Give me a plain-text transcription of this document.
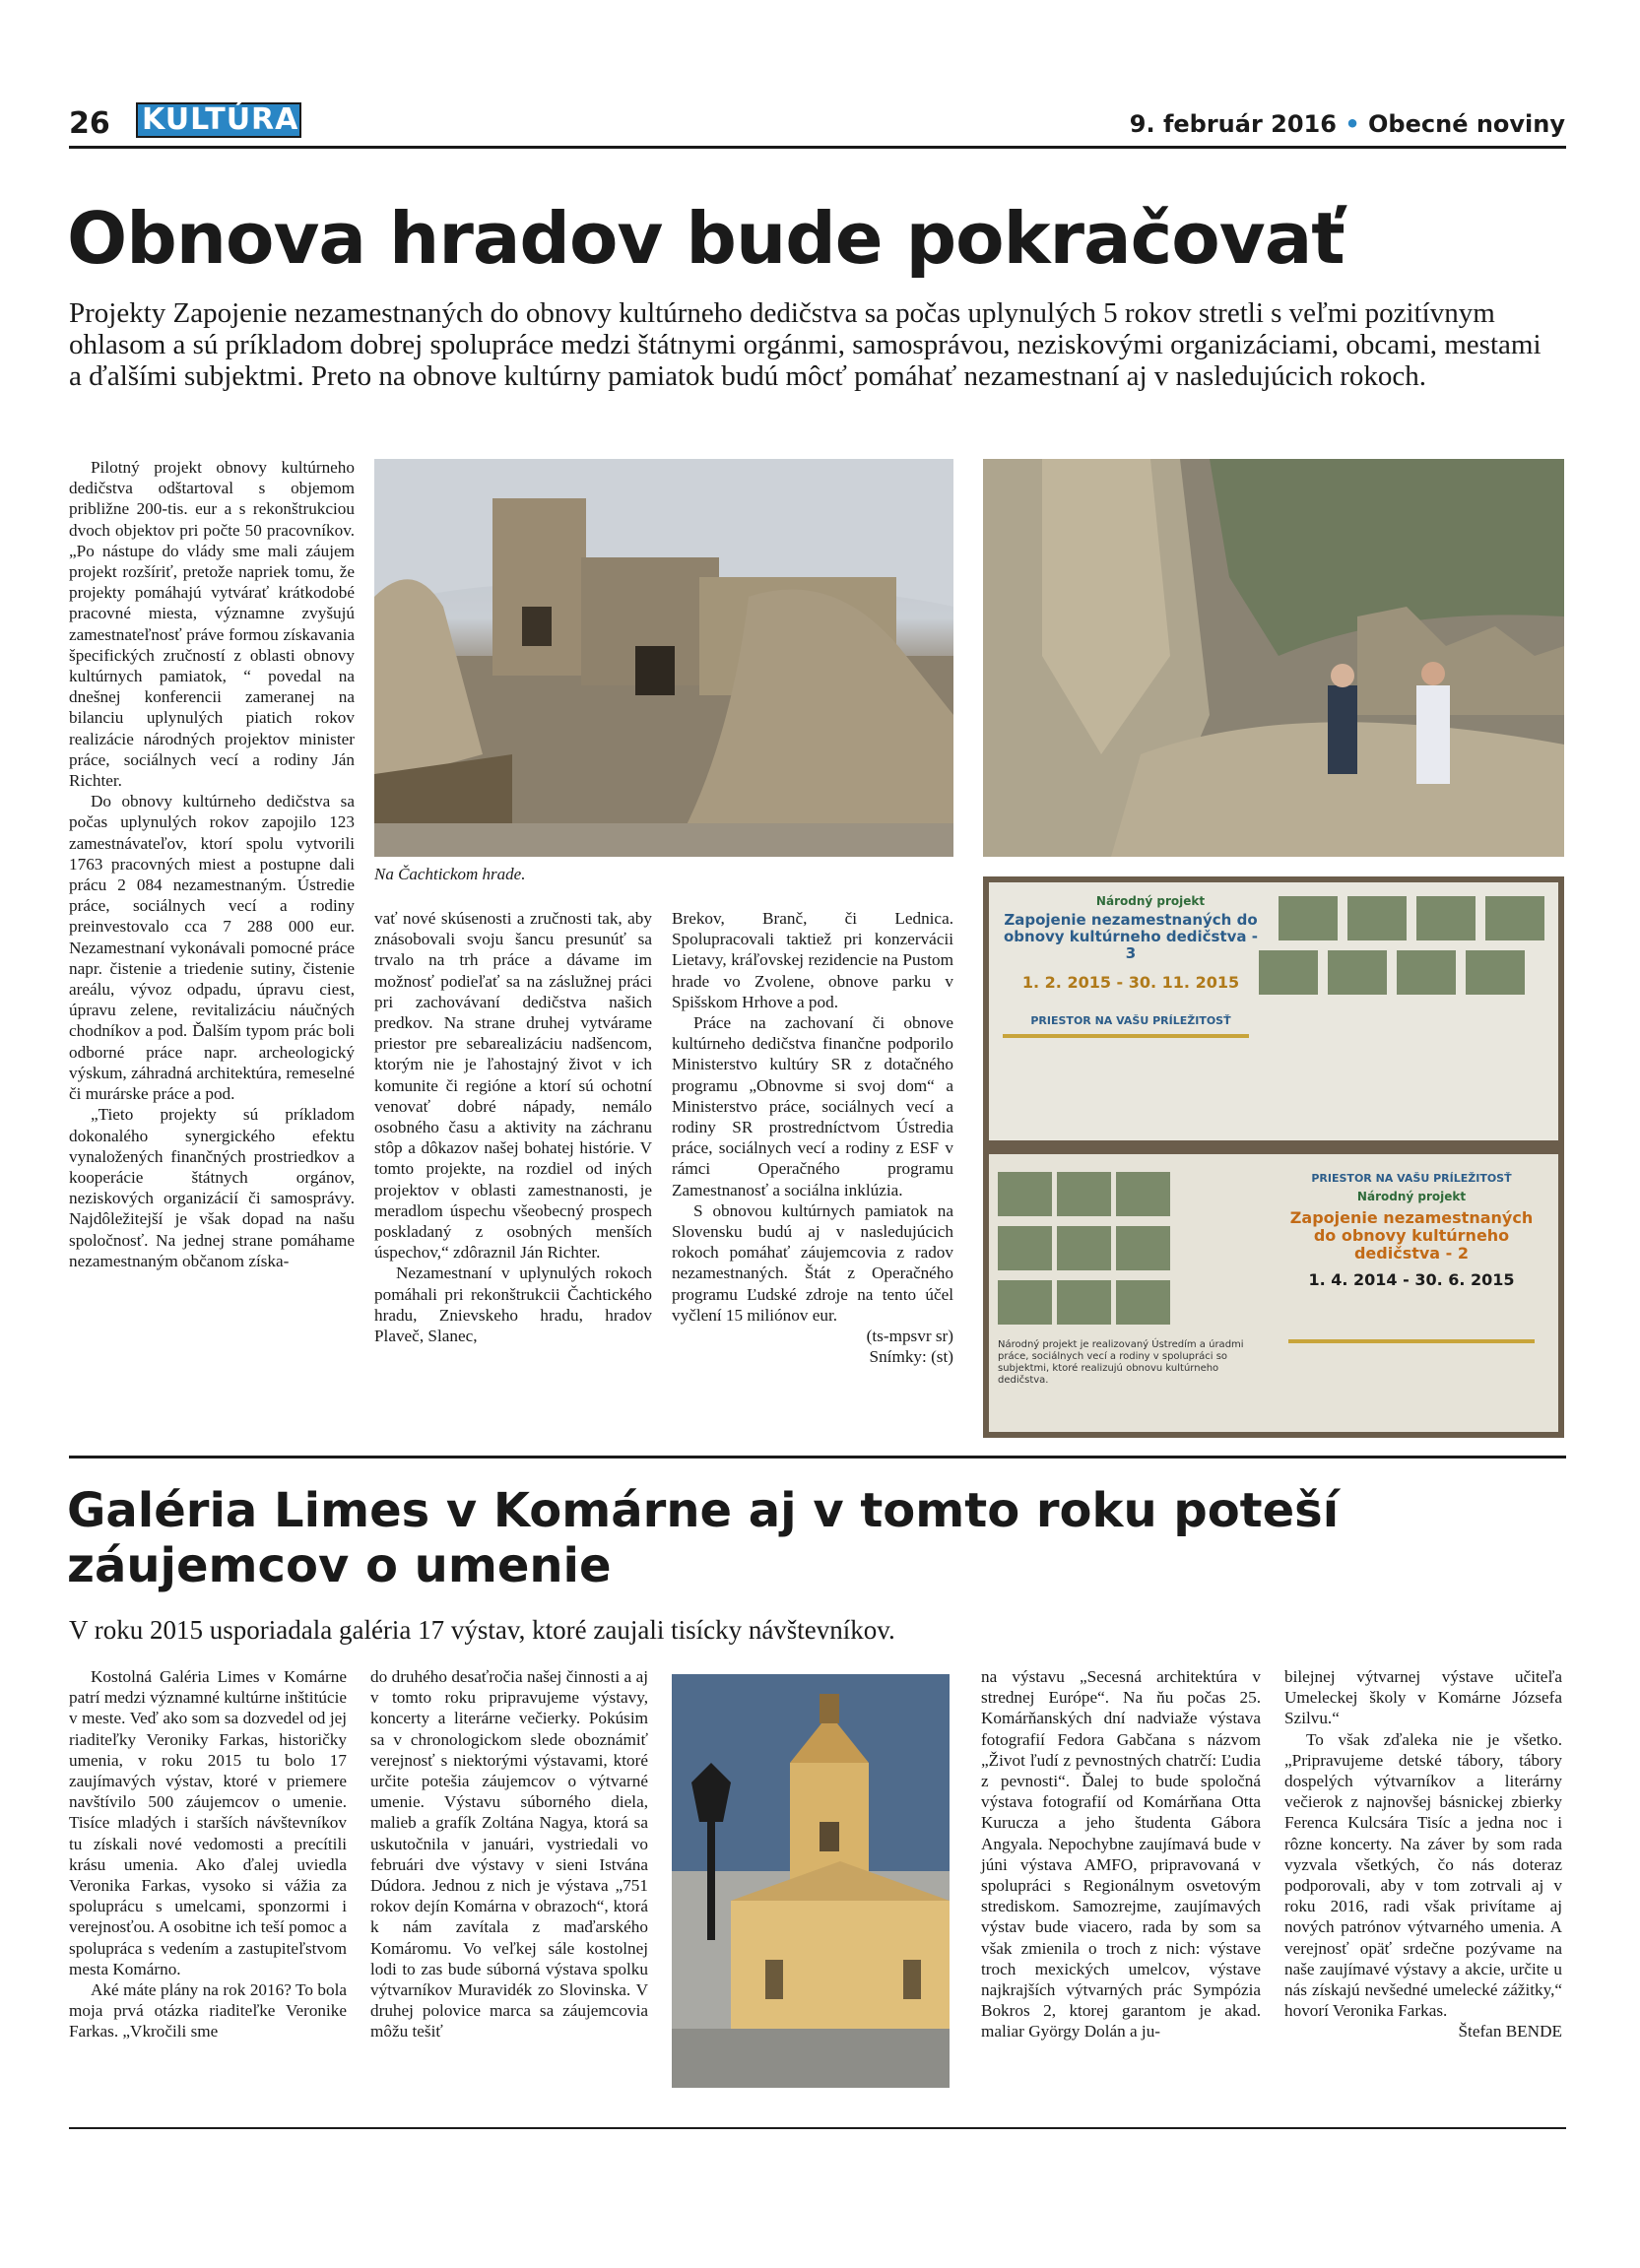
26 KULTÚRA	9. február 2016 • Obecné noviny
Obnova hradov bude pokračovať
Projekty Zapojenie nezamestnaných do obnovy kultúrneho dedičstva sa počas uplynulých 5 rokov stretli s veľmi pozitívnym ohlasom a sú príkladom dobrej spolupráce medzi štátnymi orgánmi, samosprávou, neziskovými organizáciami, obcami, mestami a ďalšími subjektmi. Preto na obnove kultúrny pamiatok budú môcť pomáhať nezamestnaní aj v nasledujúcich rokoch.

Pilotný projekt obnovy kultúrneho dedičstva odštartoval s objemom približne 200-tis. eur a s rekonštrukciou dvoch objektov pri počte 50 pracovníkov. „Po nástupe do vlády sme mali záujem projekt rozšíriť, pretože napriek tomu, že projekty pomáhajú vytvárať krátkodobé pracovné miesta, významne zvyšujú zamestnateľnosť práve formou získavania špecifických zručností z oblasti obnovy kultúrnych pamiatok, “ povedal na dnešnej konferencii zameranej na bilanciu uplynulých piatich rokov realizácie národných projektov minister práce, sociálnych vecí a rodiny Ján Richter.

Do obnovy kultúrneho dedičstva sa počas uplynulých rokov zapojilo 123 zamestnávateľov, ktorí spolu vytvorili 1763 pracovných miest a postupne dali prácu 2 084 nezamestnaným. Ústredie práce, sociálnych vecí a rodiny preinvestovalo cca 7 288 000 eur. Nezamestnaní vykonávali pomocné práce napr. čistenie a triedenie sutiny, čistenie areálu, vývoz odpadu, úpravu ciest, úpravu zelene, revitalizáciu náučných chodníkov a pod. Ďalším typom prác boli odborné práce napr. archeologický výskum, záhradná architektúra, remeselné či murárske práce a pod.

„Tieto projekty sú príkladom dokonalého synergického efektu vynaložených finančných prostriedkov a kooperácie štátnych orgánov, neziskových organizácií či samosprávy. Najdôležitejší je však dopad na našu spoločnosť. Na jednej strane pomáhame nezamestnaným občanom získa-

Na Čachtickom hrade.
Národný projekt
Zapojenie nezamestnaných do obnovy kultúrneho dedičstva - 3
1. 2. 2015 - 30. 11. 2015
PRIESTOR NA VAŠU PRÍLEŽITOSŤ
PRIESTOR NA VAŠU PRÍLEŽITOSŤ
Národný projekt
Zapojenie nezamestnaných do obnovy kultúrneho dedičstva - 2
1. 4. 2014 - 30. 6. 2015
Národný projekt je realizovaný Ústredím a úradmi práce, sociálnych vecí a rodiny v spolupráci so subjektmi, ktoré realizujú obnovu kultúrneho dedičstva.

vať nové skúsenosti a zručnosti tak, aby znásobovali svoju šancu presunúť sa trvalo na trh práce a dávame im možnosť podieľať sa na záslužnej práci pri zachovávaní dedičstva našich predkov. Na strane druhej vytvárame priestor pre sebarealizáciu nadšencom, ktorým nie je ľahostajný život v ich komunite či regióne a ktorí sú ochotní venovať dobré nápady, nemálo osobného času a aktivity na záchranu stôp a dôkazov našej bohatej histórie. V tomto projekte, na rozdiel od iných projektov v oblasti zamestnanosti, je meradlom úspechu všeobecný prospech poskladaný z osobných menších úspechov,“ zdôraznil Ján Richter.

Nezamestnaní v uplynulých rokoch pomáhali pri rekonštrukcii Čachtického hradu, Znievskeho hradu, hradov Plaveč, Slanec,

Brekov, Branč, či Lednica. Spolupracovali taktiež pri konzervácii Lietavy, kráľovskej rezidencie na Pustom hrade vo Zvolene, obnove parku v Spišskom Hrhove a pod.

Práce na zachovaní či obnove kultúrneho dedičstva finančne podporilo Ministerstvo kultúry SR z dotačného programu „Obnovme si svoj dom“ a Ministerstvo práce, sociálnych vecí a rodiny SR prostredníctvom Ústredia práce, sociálnych vecí a rodiny z ESF v rámci Operačného programu Zamestnanosť a sociálna inklúzia.

S obnovou kultúrnych pamiatok na Slovensku budú aj v nasledujúcich rokoch pomáhať záujemcovia z radov nezamestnaných. Štát z Operačného programu Ľudské zdroje na tento účel vyčlení 15 miliónov eur.

(ts-mpsvr sr)

Snímky: (st)

Galéria Limes v Komárne aj v tomto roku poteší záujemcov o umenie
V roku 2015 usporiadala galéria 17 výstav, ktoré zaujali tisícky návštevníkov.

Kostolná Galéria Limes v Komárne patrí medzi významné kultúrne inštitúcie v meste. Veď ako som sa dozvedel od jej riaditeľky Veroniky Farkas, historičky umenia, v roku 2015 tu bolo 17 zaujímavých výstav, ktoré v priemere navštívilo 500 záujemcov o umenie. Tisíce mladých i starších návštevníkov tu získali nové vedomosti a precítili krásu umenia. Ako ďalej uviedla Veronika Farkas, vysoko si vážia za spoluprácu s umelcami, sponzormi i verejnosťou. A osobitne ich teší pomoc a spolupráca s vedením a zastupiteľstvom mesta Komárno.

Aké máte plány na rok 2016? To bola moja prvá otázka riaditeľke Veronike Farkas. „Vkročili sme

do druhého desaťročia našej činnosti a aj v tomto roku pripravujeme výstavy, koncerty a literárne večierky. Pokúsim sa v chronologickom slede oboznámiť verejnosť s niektorými výstavami, ktoré určite potešia záujemcov o výtvarné umenie. Výstavu súborného diela, malieb a grafík Zoltána Nagya, ktorá sa uskutočnila v januári, vystriedali vo februári dve výstavy v sieni Istvána Dúdora. Jednou z nich je výstava „751 rokov dejín Komárna v obrazoch“, ktorá k nám zavítala z maďarského Komáromu. Vo veľkej sále kostolnej lodi to zas bude súborná výstava spolku výtvarníkov Muravidék zo Slovinska. V druhej polovice marca sa záujemcovia môžu tešiť

na výstavu „Secesná architektúra v strednej Európe“. Na ňu počas 25. Komárňanských dní nadviaže výstava fotografií Fedora Gabčana s názvom „Život ľudí z pevnostných chatrčí: Ľudia z pevnosti“. Ďalej to bude spoločná výstava fotografií od Komárňana Otta Kurucza a jeho študenta Gábora Angyala. Nepochybne zaujímavá bude v júni výstava AMFO, pripravovaná v spolupráci s Regionálnym osvetovým strediskom. Samozrejme, zaujímavých výstav bude viacero, rada by som sa však zmienila o troch z nich: výstave troch mexických umelcov, výstave najkrajších výtvarných prác Sympózia Bokros 2, ktorej garantom je akad. maliar György Dolán a ju-

bilejnej výtvarnej výstave učiteľa Umeleckej školy v Komárne Józsefa Szilvu.“

To však zďaleka nie je všetko. „Pripravujeme detské tábory, tábory dospelých výtvarníkov a literárny večierok z najnovšej básnickej zbierky Ferenca Kulcsára Tisíc a jedna noc i rôzne koncerty. Na záver by som rada vyzvala všetkých, čo nás doteraz podporovali, aby v tom zotrvali aj v roku 2016, radi však privítame aj nových patrónov výtvarného umenia. A verejnosť opäť srdečne pozývame na naše zaujímavé výstavy a akcie, určite u nás získajú nevšedné umelecké zážitky,“ hovorí Veronika Farkas.

Štefan BENDE
